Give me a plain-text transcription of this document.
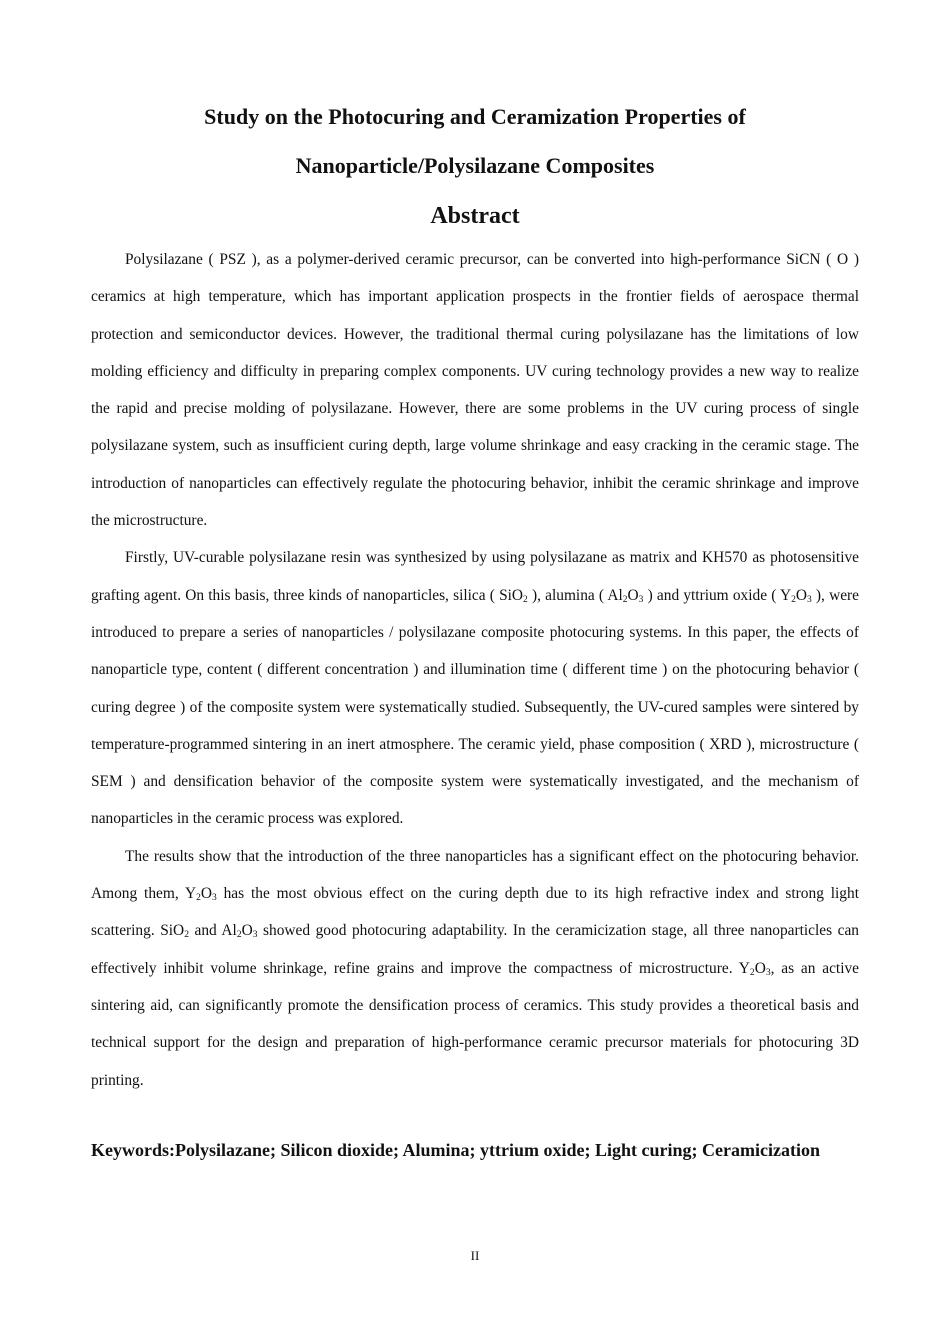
Study on the Photocuring and Ceramization Properties of
Nanoparticle/Polysilazane Composites
Abstract

Polysilazane ( PSZ ), as a polymer-derived ceramic precursor, can be converted into high-performance SiCN ( O ) ceramics at high temperature, which has important application prospects in the frontier fields of aerospace thermal protection and semiconductor devices. However, the traditional thermal curing polysilazane has the limitations of low molding efficiency and difficulty in preparing complex components. UV curing technology provides a new way to realize the rapid and precise molding of polysilazane. However, there are some problems in the UV curing process of single polysilazane system, such as insufficient curing depth, large volume shrinkage and easy cracking in the ceramic stage. The introduction of nanoparticles can effectively regulate the photocuring behavior, inhibit the ceramic shrinkage and improve the microstructure.

Firstly, UV-curable polysilazane resin was synthesized by using polysilazane as matrix and KH570 as photosensitive grafting agent. On this basis, three kinds of nanoparticles, silica ( SiO$_2$ ), alumina ( $Al_2O_3$ ) and yttrium oxide ( $Y_2O_3$ ), were introduced to prepare a series of nanoparticles / polysilazane composite photocuring systems. In this paper, the effects of nanoparticle type, content ( different concentration ) and illumination time ( different time ) on the photocuring behavior ( curing degree ) of the composite system were systematically studied. Subsequently, the UV-cured samples were sintered by temperature-programmed sintering in an inert atmosphere. The ceramic yield, phase composition ( XRD ), microstructure ( SEM ) and densification behavior of the composite system were systematically investigated, and the mechanism of nanoparticles in the ceramic process was explored.

The results show that the introduction of the three nanoparticles has a significant effect on the photocuring behavior. Among them, $Y_2O_3$ has the most obvious effect on the curing depth due to its high refractive index and strong light scattering. SiO$_2$ and $Al_2O_3$ showed good photocuring adaptability. In the ceramicization stage, all three nanoparticles can effectively inhibit volume shrinkage, refine grains and improve the compactness of microstructure. $Y_2O_3$, as an active sintering aid, can significantly promote the densification process of ceramics. This study provides a theoretical basis and technical support for the design and preparation of high-performance ceramic precursor materials for photocuring 3D printing.

Keywords:Polysilazane; Silicon dioxide; Alumina; yttrium oxide; Light curing; Ceramicization

II
